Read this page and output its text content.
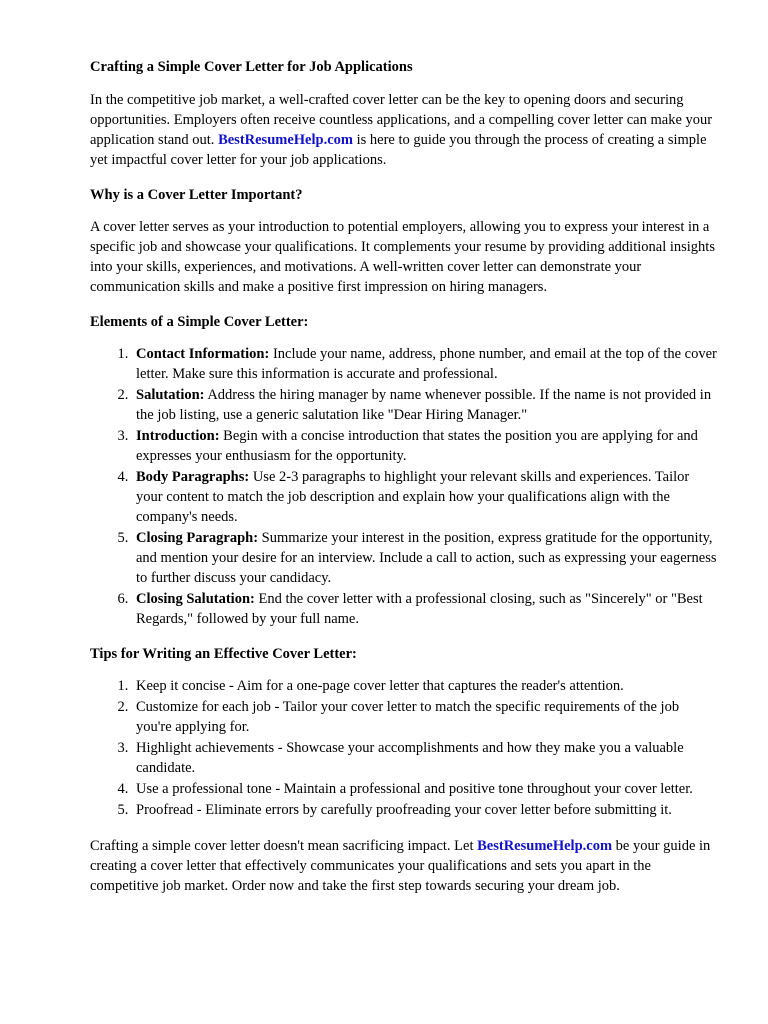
Crafting a Simple Cover Letter for Job Applications

In the competitive job market, a well-crafted cover letter can be the key to opening doors and securing opportunities. Employers often receive countless applications, and a compelling cover letter can make your application stand out. BestResumeHelp.com is here to guide you through the process of creating a simple yet impactful cover letter for your job applications.

Why is a Cover Letter Important?

A cover letter serves as your introduction to potential employers, allowing you to express your interest in a specific job and showcase your qualifications. It complements your resume by providing additional insights into your skills, experiences, and motivations. A well-written cover letter can demonstrate your communication skills and make a positive first impression on hiring managers.

Elements of a Simple Cover Letter:
1. Contact Information: Include your name, address, phone number, and email at the top of the cover letter. Make sure this information is accurate and professional.
2. Salutation: Address the hiring manager by name whenever possible. If the name is not provided in the job listing, use a generic salutation like "Dear Hiring Manager."
3. Introduction: Begin with a concise introduction that states the position you are applying for and expresses your enthusiasm for the opportunity.
4. Body Paragraphs: Use 2-3 paragraphs to highlight your relevant skills and experiences. Tailor your content to match the job description and explain how your qualifications align with the company's needs.
5. Closing Paragraph: Summarize your interest in the position, express gratitude for the opportunity, and mention your desire for an interview. Include a call to action, such as expressing your eagerness to further discuss your candidacy.
6. Closing Salutation: End the cover letter with a professional closing, such as "Sincerely" or "Best Regards," followed by your full name.
Tips for Writing an Effective Cover Letter:
1. Keep it concise - Aim for a one-page cover letter that captures the reader's attention.
2. Customize for each job - Tailor your cover letter to match the specific requirements of the job you're applying for.
3. Highlight achievements - Showcase your accomplishments and how they make you a valuable candidate.
4. Use a professional tone - Maintain a professional and positive tone throughout your cover letter.
5. Proofread - Eliminate errors by carefully proofreading your cover letter before submitting it.

Crafting a simple cover letter doesn't mean sacrificing impact. Let BestResumeHelp.com be your guide in creating a cover letter that effectively communicates your qualifications and sets you apart in the competitive job market. Order now and take the first step towards securing your dream job.
